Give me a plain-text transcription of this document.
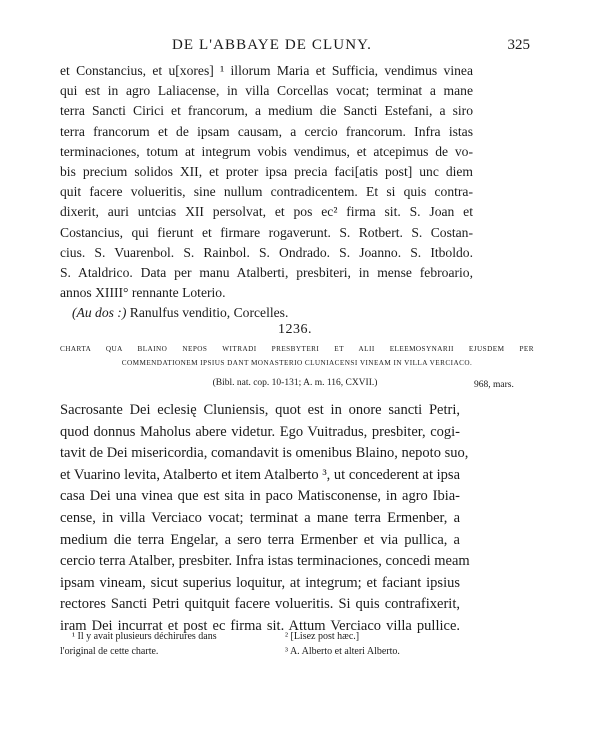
DE L'ABBAYE DE CLUNY.	325
et Constancius, et u[xores] ¹ illorum Maria et Sufficia, vendimus vinea
qui est in agro Laliacense, in villa Corcellas vocat; terminat a mane
terra Sancti Cirici et francorum, a medium die Sancti Estefani, a siro
terra francorum et de ipsam causam, a cercio francorum. Infra istas
terminaciones, totum at integrum vobis vendimus, et atcepimus de vo-
bis precium solidos XII, et proter ipsa precia faci[atis post] unc diem
quit facere volueritis, sine nullum contradicentem. Et si quis contra-
dixerit, auri untcias XII persolvat, et pos ec² firma sit. S. Joan et
Costancius, qui fierunt et firmare rogaverunt. S. Rotbert. S. Costan-
cius. S. Vuarenbol. S. Rainbol. S. Ondrado. S. Joanno. S. Itboldo.
S. Ataldrico. Data per manu Atalberti, presbiteri, in mense febroario,
annos XIIII° rennante Loterio.
(Au dos :) Ranulfus venditio, Corcelles.
1236.
CHARTA QUA BLAINO NEPOS WITRADI PRESBYTERI ET ALII ELEEMOSYNARII EJUSDEM PER
COMMENDATIONEM IPSIUS DANT MONASTERIO CLUNIACENSI VINEAM IN VILLA VERCIACO.
(Bibl. nat. cop. 10-131; A. m. 116, CXVII.)	968, mars.
Sacrosante Dei eclesię Cluniensis, quot est in onore sancti Petri,
quod donnus Maholus abere videtur. Ego Vuitradus, presbiter, cogi-
tavit de Dei misericordia, comandavit is omenibus Blaino, nepoto suo,
et Vuarino levita, Atalberto et item Atalberto ³, ut concederent at ipsa
casa Dei una vinea que est sita in paco Matisconense, in agro Ibia-
cense, in villa Verciaco vocat; terminat a mane terra Ermenber, a
medium die terra Engelar, a sero terra Ermenber et via pullica, a
cercio terra Atalber, presbiter. Infra istas terminaciones, concedi meam
ipsam vineam, sicut superius loquitur, at integrum; et faciant ipsius
rectores Sancti Petri quitquit facere volueritis. Si quis contrafixerit,
iram Dei incurrat et post ec firma sit. Attum Verciaco villa pullice.
¹ Il y avait plusieurs déchirures dans
l'original de cette charte.
² [Lisez post hæc.]
³ A. Alberto et alteri Alberto.
